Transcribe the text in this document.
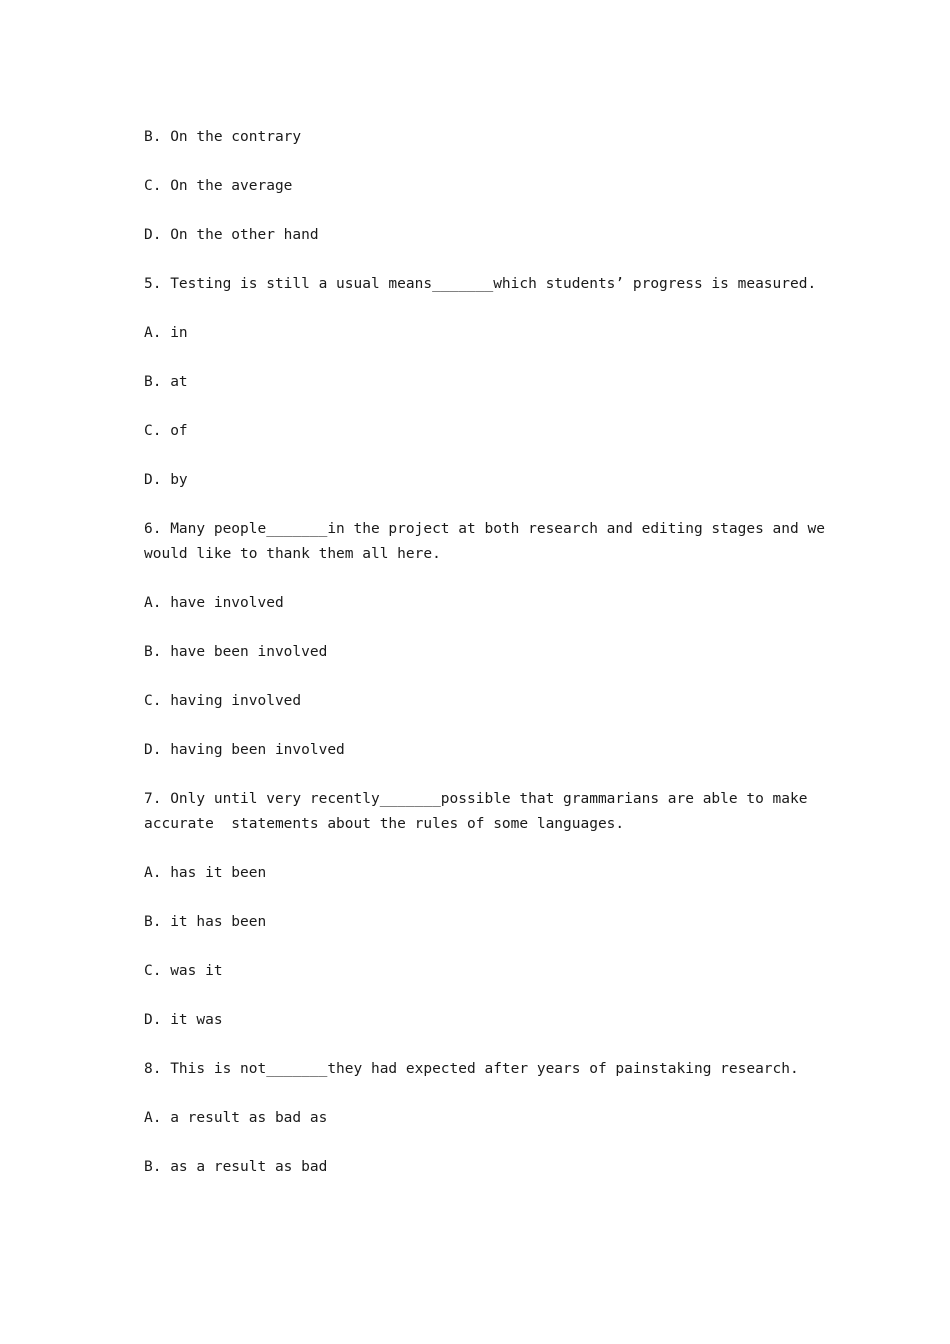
B. On the contrary
C. On the average
D. On the other hand
5. Testing is still a usual means_______which students’ progress is measured.
A. in
B. at
C. of
D. by
6. Many people_______in the project at both research and editing stages and we
would like to thank them all here.
A. have involved
B. have been involved
C. having involved
D. having been involved
7. Only until very recently_______possible that grammarians are able to make
accurate  statements about the rules of some languages.
A. has it been
B. it has been
C. was it
D. it was
8. This is not_______they had expected after years of painstaking research.
A. a result as bad as
B. as a result as bad
